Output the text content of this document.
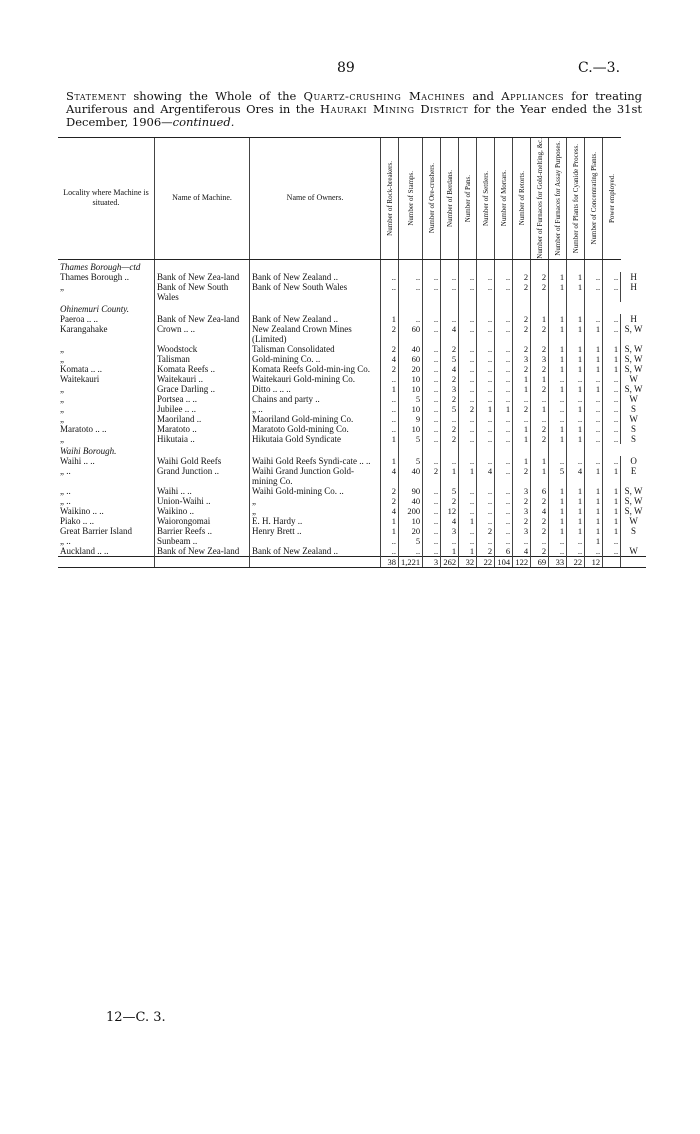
89	C.—3.
Statement showing the Whole of the Quartz-crushing Machines and Appliances for treating Auriferous and Argentiferous Ores in the Hauraki Mining District for the Year ended the 31st December, 1906—continued.
Locality where Machine is situated.	Name of Machine.	Name of Owners.	Number of Rock-breakers.	Number of Stamps.	Number of Ore-crushers.	Number of Berdans.	Number of Pans.	Number of Settlers.	Number of Mortars.	Number of Retorts.	Number of Furnaces for Gold-melting, &c.	Number of Furnaces for Assay Purposes.	Number of Plants for Cyanide Process.	Number of Concentrating Plants.	Power employed.	

Thames Borough—ctd																
Thames Borough ..	Bank of New Zea-land	Bank of New Zealand ..	..	..	..	..	..	..	..	2	2	1	1	..	..	H
„	Bank of New South Wales	Bank of New South Wales	..	..	..	..	..	..	..	2	2	1	1	..	..	H
Ohinemuri County.																
Paeroa .. ..	Bank of New Zea-land	Bank of New Zealand ..	1	..	..	..	..	..	..	2	1	1	1	..	..	H
Karangahake	Crown .. ..	New Zealand Crown Mines (Limited)	2	60	..	4	..	..	..	2	2	1	1	1	..	S, W
„	Woodstock	Talisman Consolidated	2	40	..	2	..	..	..	2	2	1	1	1	1	S, W
„	Talisman	Gold-mining Co. ..	4	60	..	5	..	..	..	3	3	1	1	1	1	S, W
Komata .. ..	Komata Reefs ..	Komata Reefs Gold-min-ing Co.	2	20	..	4	..	..	..	2	2	1	1	1	1	S, W
Waitekauri	Waitekauri ..	Waitekauri Gold-mining Co.	..	10	..	2	..	..	..	1	1	..	..	..	..	W
„	Grace Darling ..	Ditto .. .. ..	1	10	..	3	..	..	..	1	2	1	1	1	..	S, W
„	Portsea .. ..	Chains and party ..	..	5	..	2	..	..	..	..	..	..	..	..	..	W
„	Jubilee .. ..	„ ..	..	10	..	5	2	1	1	2	1	..	1	..	..	S
„	Maoriland ..	Maoriland Gold-mining Co.	..	9	..	..	..	..	..	..	..	..	..	..	..	W
Maratoto .. ..	Maratoto ..	Maratoto Gold-mining Co.	..	10	..	2	..	..	..	1	2	1	1	..	..	S
„	Hikutaia ..	Hikutaia Gold Syndicate	1	5	..	2	..	..	..	1	2	1	1	..	..	S
Waihi Borough.																
Waihi .. ..	Waihi Gold Reefs	Waihi Gold Reefs Syndi-cate .. ..	1	5	..	..	..	..	..	1	1	..	..	..	..	O
„ ..	Grand Junction ..	Waihi Grand Junction Gold-mining Co.	4	40	2	1	1	4	..	2	1	5	4	1	1	E
„ ..	Waihi .. ..	Waihi Gold-mining Co. ..	2	90	..	5	..	..	..	3	6	1	1	1	1	S, W
„ ..	Union-Waihi ..	„	2	40	..	2	..	..	..	2	2	1	1	1	1	S, W
Waikino .. ..	Waikino ..	„	4	200	..	12	..	..	..	3	4	1	1	1	1	S, W
Piako .. ..	Waiorongomai	E. H. Hardy ..	1	10	..	4	1	..	..	2	2	1	1	1	1	W
Great Barrier Island	Barrier Reefs ..	Henry Brett ..	1	20	..	3	..	2	..	3	2	1	1	1	1	S
„ ..	Sunbeam ..		..	5	..	..	..	..	..	..	..	..	..	1	..	
Auckland .. ..	Bank of New Zea-land	Bank of New Zealand ..	..	..	..	1	1	2	6	4	2	..	..	..	..	W
			38	1,221	3	262	32	22	104	122	69	33	22	12		
12—C. 3.
